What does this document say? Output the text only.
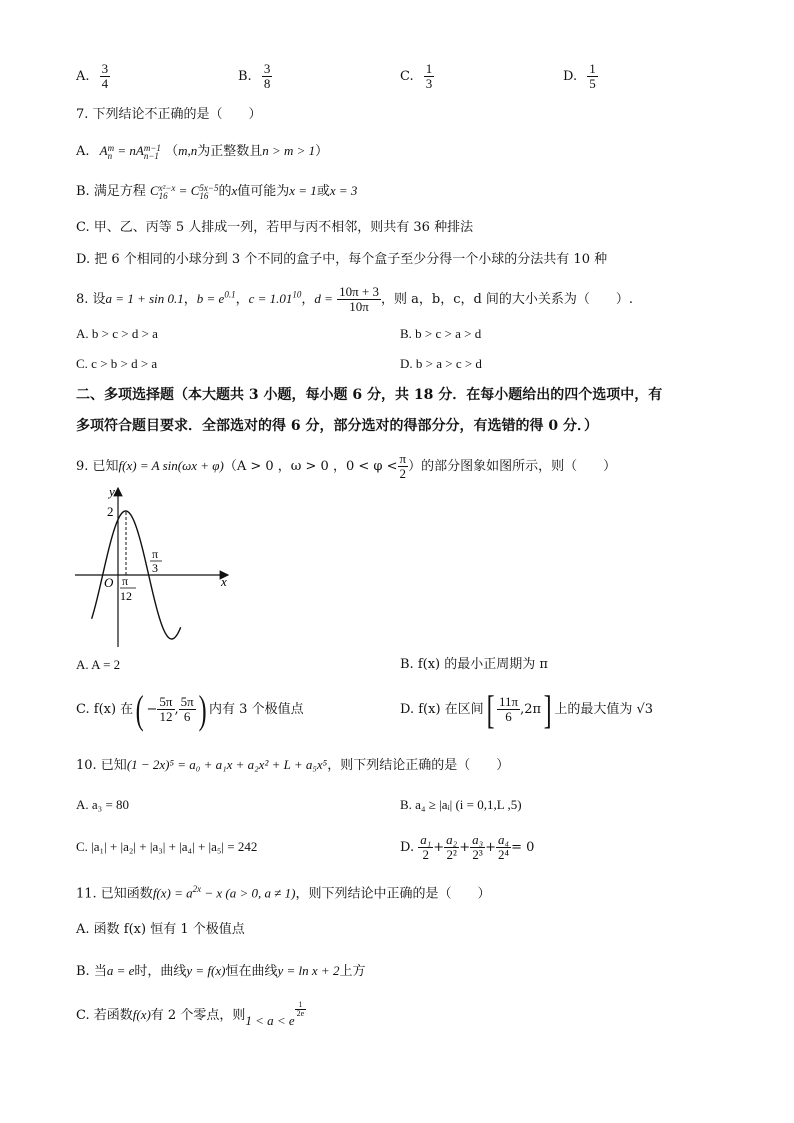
A. $\frac{3}{4}$	B. $\frac{3}{8}$	C. $\frac{1}{3}$	D. $\frac{1}{5}$
7. 下列结论不正确的是（　　）
A. A m
n = nA m−1
n−1 （m,n为正整数且n > m > 1）
B. 满足方程 C x²−x
16 = C 5x−5
16 的x值可能为x = 1或x = 3
C. 甲、乙、丙等 5 人排成一列，若甲与丙不相邻，则共有 36 种排法
D. 把 6 个相同的小球分到 3 个不同的盒子中，每个盒子至少分得一个小球的分法共有 10 种
8. 设a = 1 + sin 0.1，$b = e^{0.1}$，$c = 1.01^{10}$，$d = \frac{10\pi + 3}{10\pi}$ ，则 a，b，c，d 间的大小关系为（　　）.
A. b > c > d > a	B. b > c > a > d
C. c > b > d > a	D. b > a > c > d
二、多项选择题（本大题共 3 小题，每小题 6 分，共 18 分．在每小题给出的四个选项中，有
多项符合题目要求．全部选对的得 6 分，部分选对的得部分分，有选错的得 0 分．）
9. 已知f(x) = A sin(ωx + φ)（A > 0 ，ω > 0 ，$0 < \varphi < \frac{\pi}{2}$ ）的部分图象如图所示，则（　　）
y
x
O
2
π
12
π
3
A. A = 2	B. f(x) 的最小正周期为 π
C. f(x) 在( − $\frac{5\pi}{12}$ , $\frac{5\pi}{6}$ ) 内有 3 个极值点	D. f(x) 在区间[ $\frac{11\pi}{6} ,2\pi$] 上的最大值为 √3
10. 已知(1 − 2x)⁵ = a₀ + a₁x + a₂x² + L + a₅x⁵，则下列结论正确的是（　　）
A. a₃ = 80	B. a₄ ≥ |aᵢ| (i = 0,1,L ,5)
C. |a₁| + |a₂| + |a₃| + |a₄| + |a₅| = 242	D. $\frac{\text{a₁}}{2} + \frac{\text{a₂}}{\text{2²}} + \frac{\text{a₃}}{\text{2³}} + \frac{\text{a₄}}{\text{2⁴}} = 0$
11. 已知函数$f(x) = a^{2x} - x$ (a > 0, a ≠ 1)，则下列结论中正确的是（　　）
A. 函数 f(x) 恒有 1 个极值点
B. 当a = e时，曲线y = f(x)恒在曲线y = ln x + 2上方
C. 若函数f(x)有 2 个零点，则1 < a < e
$\frac{1}{2e}$
